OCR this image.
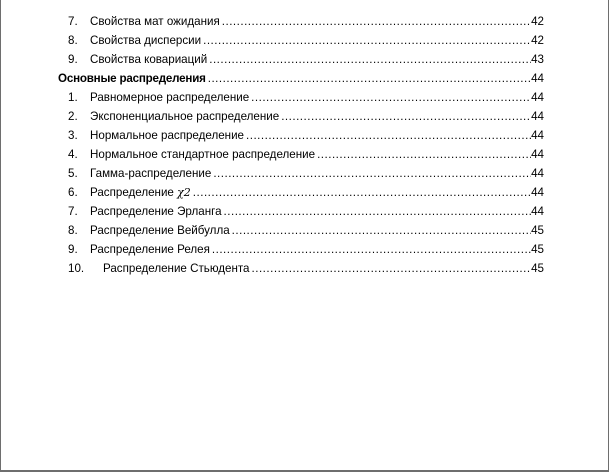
7.	Свойства мат ожидания .....	42
8.	Свойства дисперсии .....	42
9.	Свойства ковариаций .....	43
Основные распределения .....	44
1.	Равномерное распределение .....	44
2.	Экспоненциальное распределение .....	44
3.	Нормальное распределение .....	44
4.	Нормальное стандартное распределение .....	44
5.	Гамма-распределение .....	44
6.	Распределение χ2 .....	44
7.	Распределение Эрланга .....	44
8.	Распределение Вейбулла .....	45
9.	Распределение Релея .....	45
10.	Распределение Стьюдента .....	45
